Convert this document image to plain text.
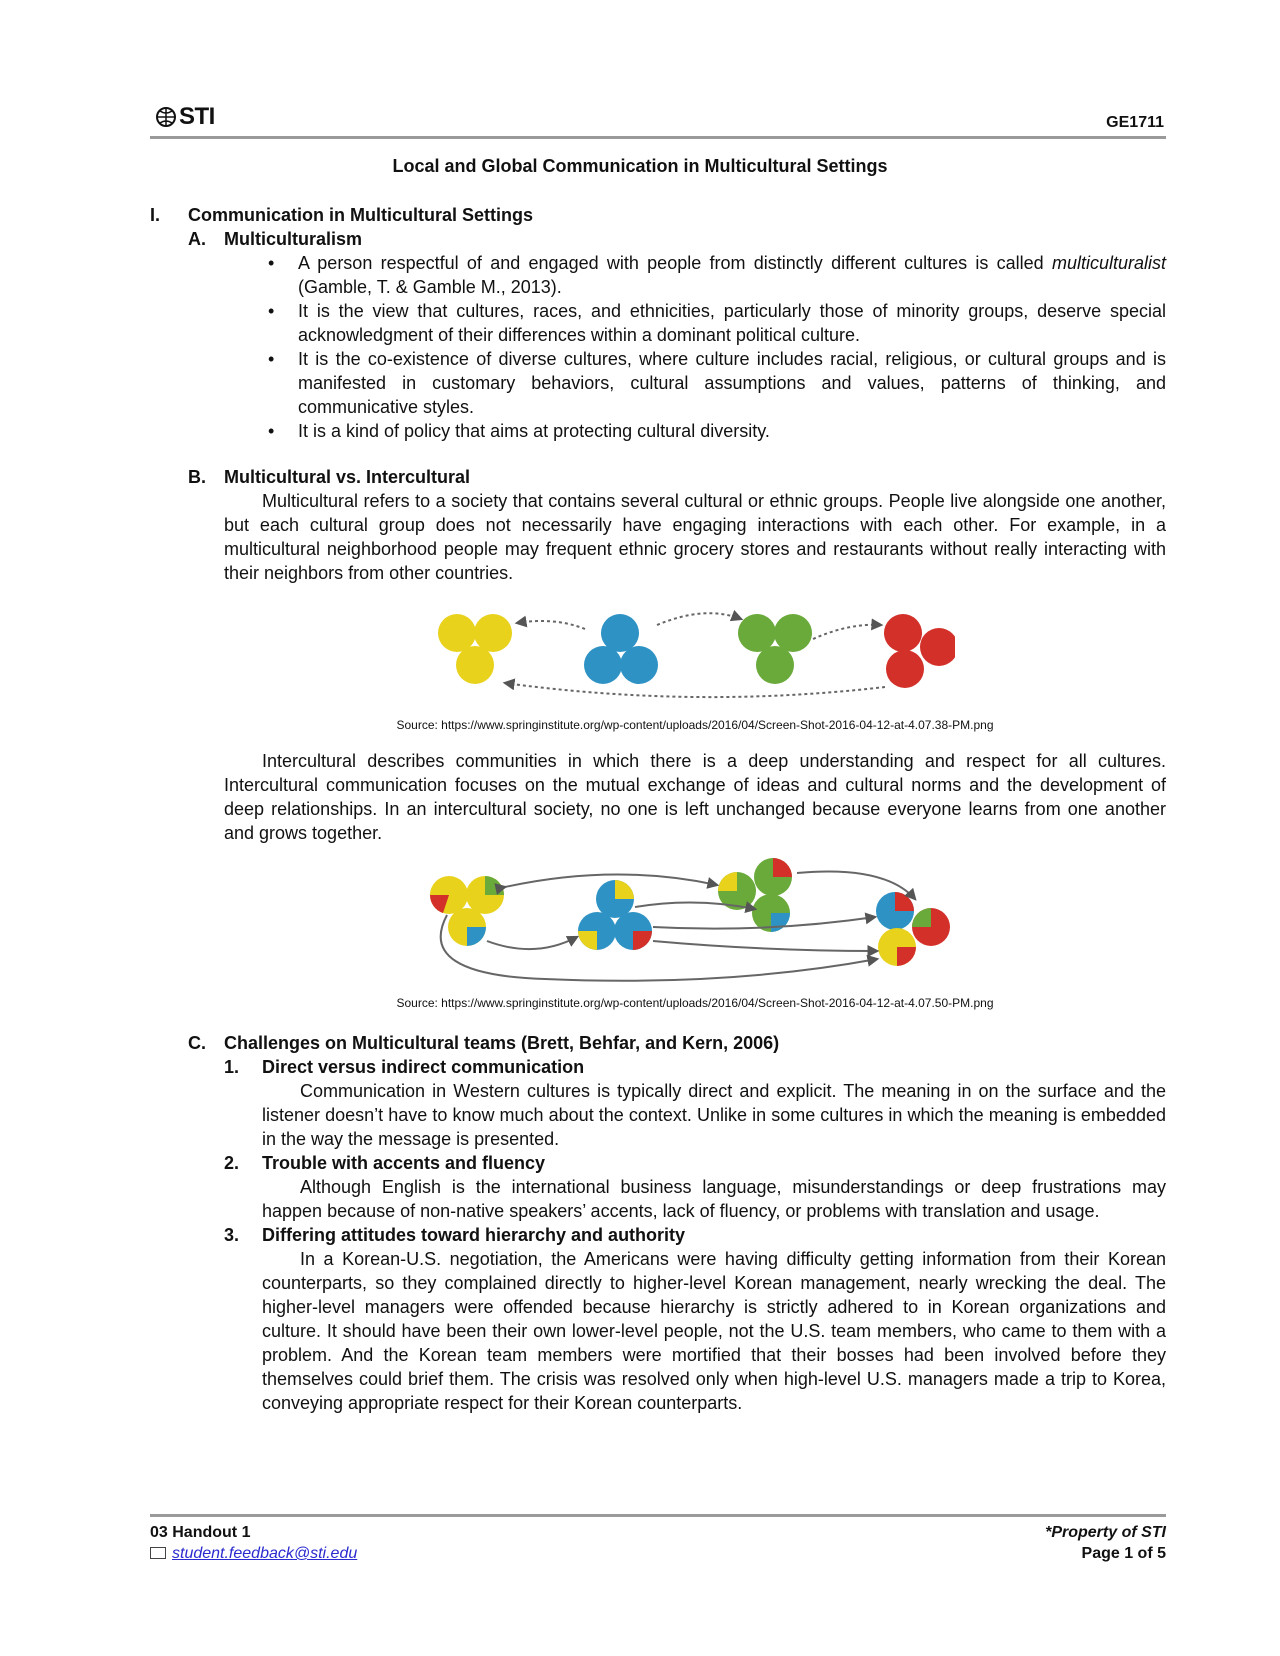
STI	GE1711
Local and Global Communication in Multicultural Settings
I.	Communication in Multicultural Settings
A.	Multiculturalism
• A person respectful of and engaged with people from distinctly different cultures is called multiculturalist (Gamble, T. & Gamble M., 2013).
• It is the view that cultures, races, and ethnicities, particularly those of minority groups, deserve special acknowledgment of their differences within a dominant political culture.
• It is the co-existence of diverse cultures, where culture includes racial, religious, or cultural groups and is manifested in customary behaviors, cultural assumptions and values, patterns of thinking, and communicative styles.
• It is a kind of policy that aims at protecting cultural diversity.
B.	Multicultural vs. Intercultural
Multicultural refers to a society that contains several cultural or ethnic groups. People live alongside one another, but each cultural group does not necessarily have engaging interactions with each other. For example, in a multicultural neighborhood people may frequent ethnic grocery stores and restaurants without really interacting with their neighbors from other countries.
Source: https://www.springinstitute.org/wp-content/uploads/2016/04/Screen-Shot-2016-04-12-at-4.07.38-PM.png
Intercultural describes communities in which there is a deep understanding and respect for all cultures. Intercultural communication focuses on the mutual exchange of ideas and cultural norms and the development of deep relationships. In an intercultural society, no one is left unchanged because everyone learns from one another and grows together.
Source: https://www.springinstitute.org/wp-content/uploads/2016/04/Screen-Shot-2016-04-12-at-4.07.50-PM.png
C.	Challenges on Multicultural teams (Brett, Behfar, and Kern, 2006)
1.	Direct versus indirect communication
Communication in Western cultures is typically direct and explicit. The meaning in on the surface and the listener doesn’t have to know much about the context. Unlike in some cultures in which the meaning is embedded in the way the message is presented.
2.	Trouble with accents and fluency
Although English is the international business language, misunderstandings or deep frustrations may happen because of non-native speakers’ accents, lack of fluency, or problems with translation and usage.
3.	Differing attitudes toward hierarchy and authority
In a Korean-U.S. negotiation, the Americans were having difficulty getting information from their Korean counterparts, so they complained directly to higher-level Korean management, nearly wrecking the deal. The higher-level managers were offended because hierarchy is strictly adhered to in Korean organizations and culture. It should have been their own lower-level people, not the U.S. team members, who came to them with a problem. And the Korean team members were mortified that their bosses had been involved before they themselves could brief them. The crisis was resolved only when high-level U.S. managers made a trip to Korea, conveying appropriate respect for their Korean counterparts.
03 Handout 1
student.feedback@sti.edu
*Property of STI
Page 1 of 5
